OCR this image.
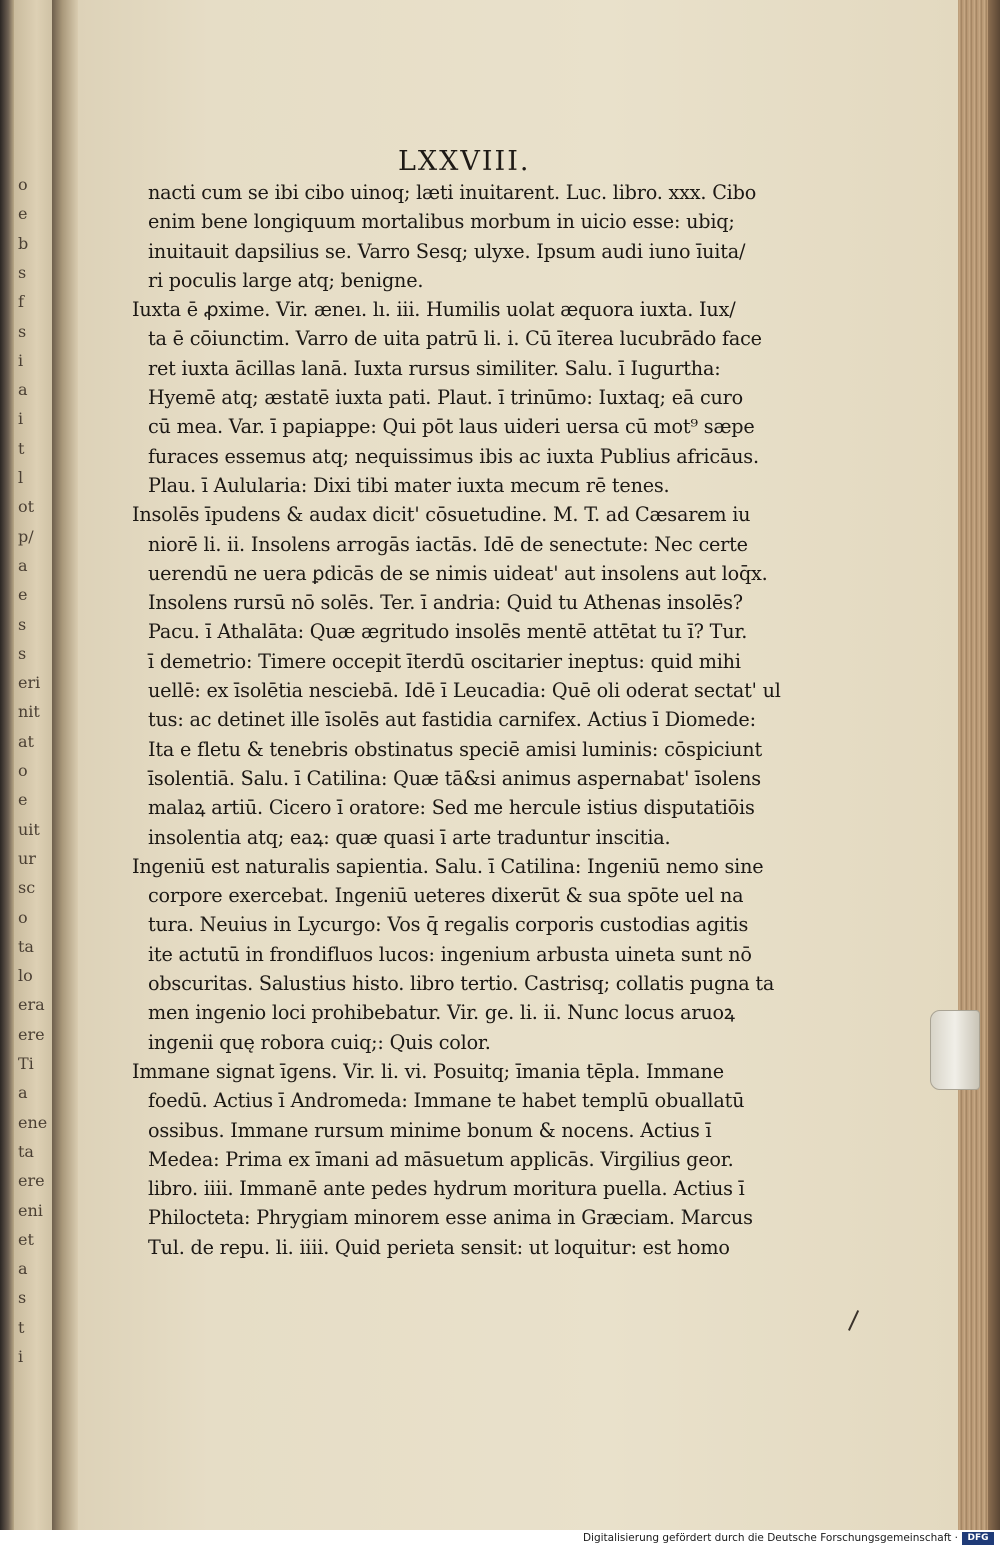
o
e
b
s
f
s
i
a
i
t
l
ot
p/
a
e
s
s
eri
nit
at
o
e
uit
ur
sc
o
ta
lo
era
ere
Ti
a
ene
ta
ere
eni
et
a
s
t
i
LXXVIII.
nacti cum se ibi cibo uinoq; læti inuitarent. Luc. libro. xxx. Cibo
enim bene longiquum mortalibus morbum in uicio esse: ubiq;
inuitauit dapsilius se. Varro Sesq; ulyxe. Ipsum audi iuno īuita/
ri poculis large atq; benigne.
Iuxta ē ꝓxime. Vir. æneı. lı. iii. Humilis uolat æquora iuxta. Iux/
ta ē cōiunctim. Varro de uita patrū li. i. Cū īterea lucubrādo face
ret iuxta ācillas lanā. Iuxta rursus similiter. Salu. ī Iugurtha:
Hyemē atq; æstatē iuxta pati. Plaut. ī trinūmo: Iuxtaq; eā curo
cū mea. Var. ī papiappe: Qui pōt laus uideri uersa cū mot⁹ sæpe
furaces essemus atq; nequissimus ibis ac iuxta Publius africāus.
Plau. ī Aulularia: Dixi tibi mater iuxta mecum rē tenes.
Insolēs īpudens & audax dicit' cōsuetudine. M. T. ad Cæsarem iu
niorē li. ii. Insolens arrogās iactās. Idē de senectute: Nec certe
uerendū ne uera ꝑdicās de se nimis uideat' aut insolens aut loq̄x.
Insolens rursū nō solēs. Ter. ī andria: Quid tu Athenas insolēs?
Pacu. ī Athalāta: Quæ ægritudo insolēs mentē attētat tu ī? Tur.
ī demetrio: Timere occepit īterdū oscitarier ineptus: quid mihi
uellē: ex īsolētia nesciebā. Idē ī Leucadia: Quē oli oderat sectat' ul
tus: ac detinet ille īsolēs aut fastidia carnifex. Actius ī Diomede:
Ita e fletu & tenebris obstinatus speciē amisi luminis: cōspiciunt
īsolentiā. Salu. ī Catilina: Quæ tā&si animus aspernabat' īsolens
malaꝝ artiū. Cicero ī oratore: Sed me hercule istius disputatiōis
insolentia atq; eaꝝ: quæ quasi ī arte traduntur inscitia.
Ingeniū est naturalis sapientia. Salu. ī Catilina: Ingeniū nemo sine
corpore exercebat. Ingeniū ueteres dixerūt & sua spōte uel na
tura. Neuius in Lycurgo: Vos q̄ regalis corporis custodias agitis
ite actutū in frondifluos lucos: ingenium arbusta uineta sunt nō
obscuritas. Salustius histo. libro tertio. Castrisq; collatis pugna ta
men ingenio loci prohibebatur. Vir. ge. li. ii. Nunc locus aruoꝝ
ingenii quę robora cuiq;: Quis color.
Immane signat īgens. Vir. li. vi. Posuitq; īmania tēpla. Immane
foedū. Actius ī Andromeda: Immane te habet templū obuallatū
ossibus. Immane rursum minime bonum & nocens. Actius ī
Medea: Prima ex īmani ad māsuetum applicās. Virgilius geor.
libro. iiii. Immanē ante pedes hydrum moritura puella. Actius ī
Philoctetа: Phrygiam minorem esse anima in Græciam. Marcus
Tul. de repu. li. iiii. Quid perieta sensit: ut loquitur: est homo
Digitalisierung gefördert durch die Deutsche Forschungsgemeinschaft ·	DFG
